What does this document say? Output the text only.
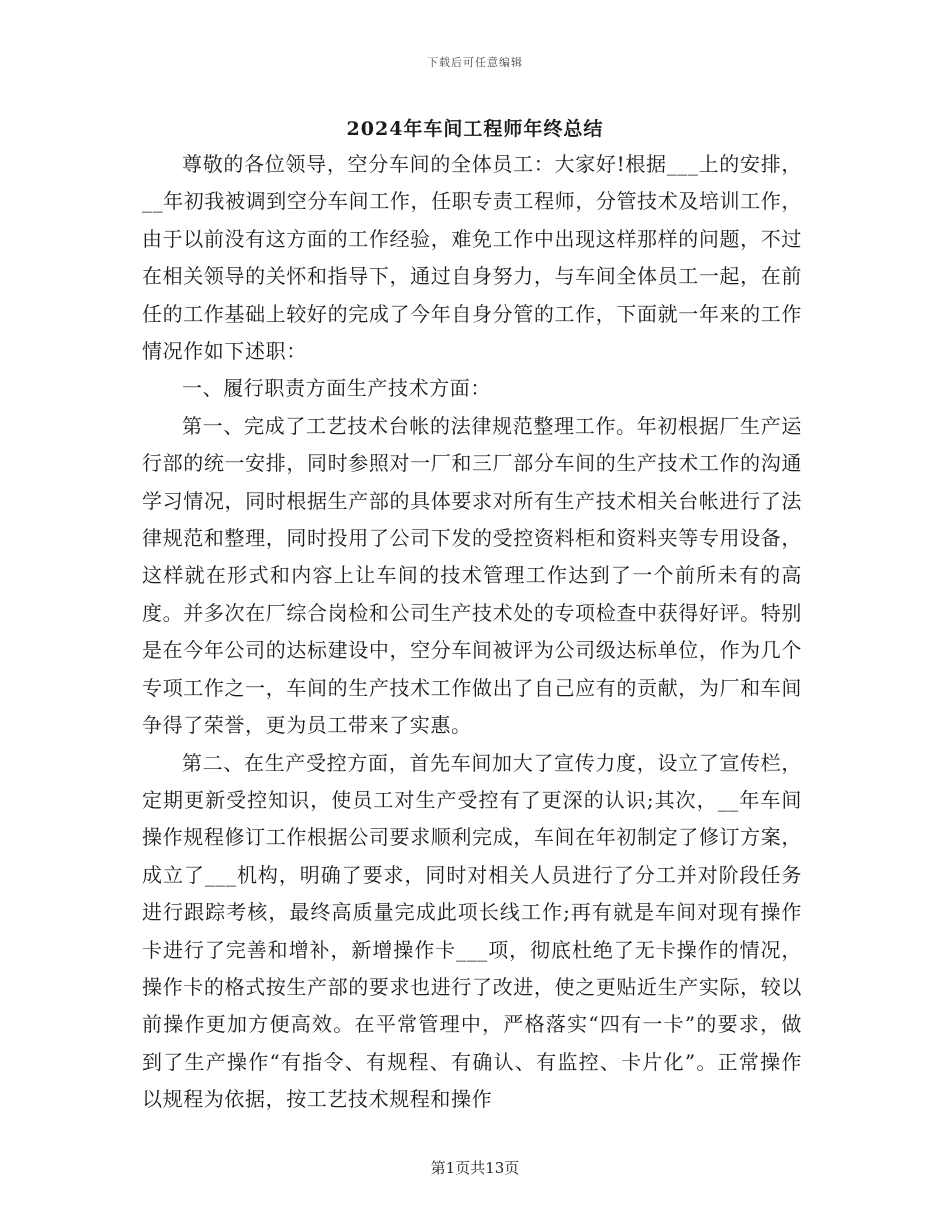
下载后可任意编辑
2024年车间工程师年终总结

尊敬的各位领导，空分车间的全体员工：大家好!根据___上的安排，__年初我被调到空分车间工作，任职专责工程师，分管技术及培训工作，由于以前没有这方面的工作经验，难免工作中出现这样那样的问题，不过在相关领导的关怀和指导下，通过自身努力，与车间全体员工一起，在前任的工作基础上较好的完成了今年自身分管的工作，下面就一年来的工作情况作如下述职：

一、履行职责方面生产技术方面：

第一、完成了工艺技术台帐的法律规范整理工作。年初根据厂生产运行部的统一安排，同时参照对一厂和三厂部分车间的生产技术工作的沟通学习情况，同时根据生产部的具体要求对所有生产技术相关台帐进行了法律规范和整理，同时投用了公司下发的受控资料柜和资料夹等专用设备，这样就在形式和内容上让车间的技术管理工作达到了一个前所未有的高度。并多次在厂综合岗检和公司生产技术处的专项检查中获得好评。特别是在今年公司的达标建设中，空分车间被评为公司级达标单位，作为几个专项工作之一，车间的生产技术工作做出了自己应有的贡献，为厂和车间争得了荣誉，更为员工带来了实惠。

第二、在生产受控方面，首先车间加大了宣传力度，设立了宣传栏，定期更新受控知识，使员工对生产受控有了更深的认识;其次，__年车间操作规程修订工作根据公司要求顺利完成，车间在年初制定了修订方案，成立了___机构，明确了要求，同时对相关人员进行了分工并对阶段任务进行跟踪考核，最终高质量完成此项长线工作;再有就是车间对现有操作卡进行了完善和增补，新增操作卡___项，彻底杜绝了无卡操作的情况，操作卡的格式按生产部的要求也进行了改进，使之更贴近生产实际，较以前操作更加方便高效。在平常管理中，严格落实“四有一卡”的要求，做到了生产操作“有指令、有规程、有确认、有监控、卡片化”。正常操作以规程为依据，按工艺技术规程和操作

第1页共13页
